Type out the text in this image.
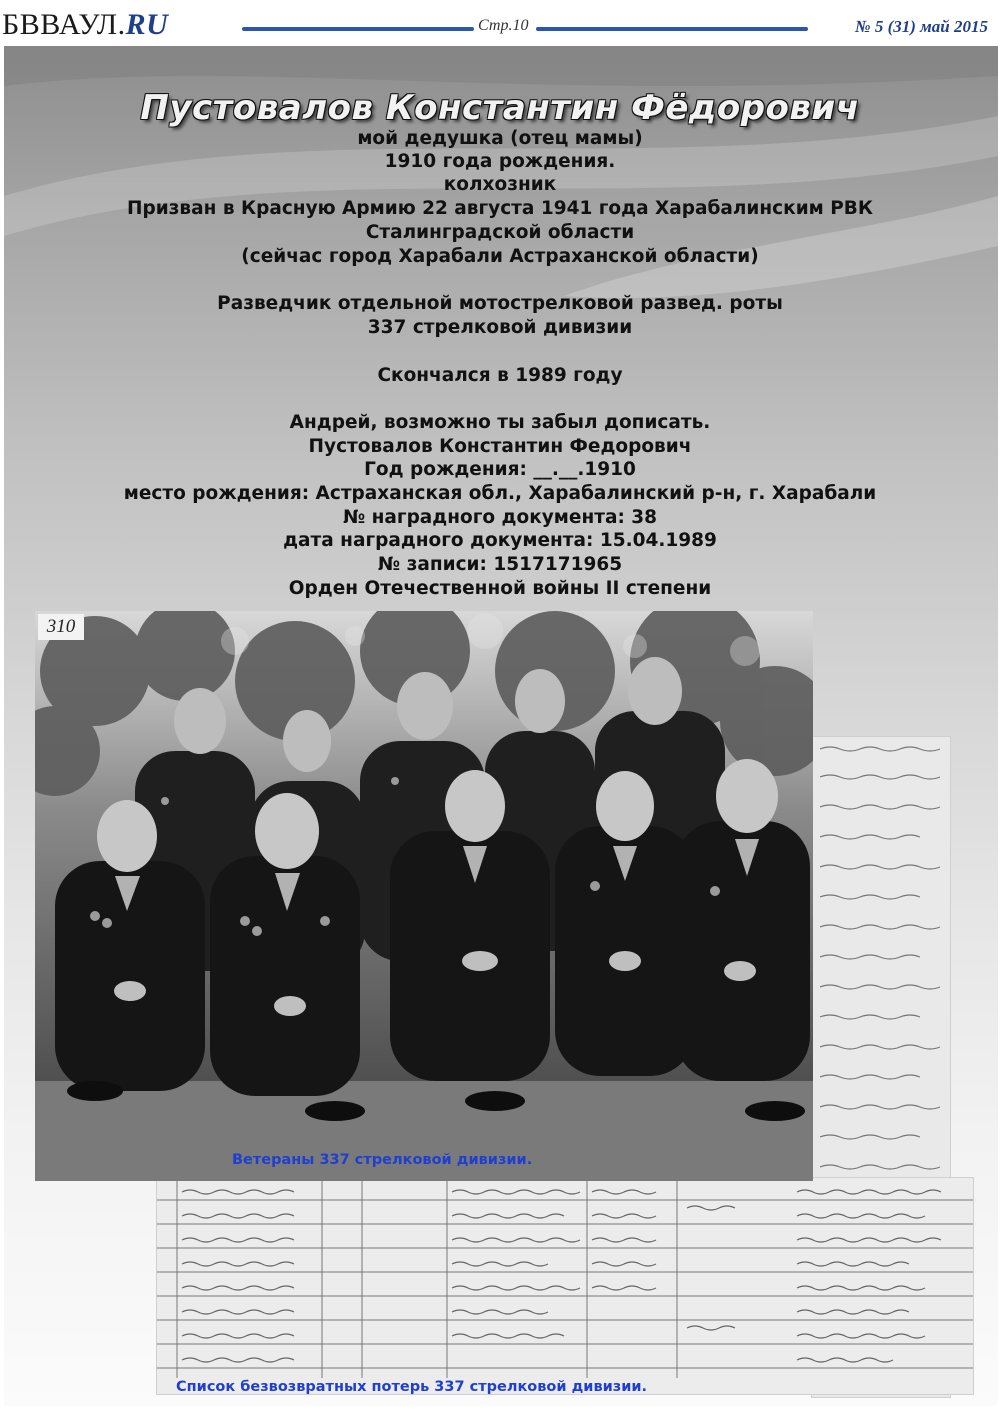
БВВАУЛ.RU	Стр.10	№ 5 (31) май 2015
Пустовалов Константин Фёдорович
мой дедушка (отец мамы)
1910 года рождения.
колхозник
Призван в Красную Армию 22 августа 1941 года Харабалинским РВК
Сталинградской области
(сейчас город Харабали Астраханской области)
Разведчик отдельной мотострелковой развед. роты
337 стрелковой дивизии
Скончался в 1989 году
Андрей, возможно ты забыл дописать.
Пустовалов Константин Федорович
Год рождения: __.__.1910
место рождения: Астраханская обл., Харабалинский р-н, г. Харабали
№ наградного документа: 38
дата наградного документа: 15.04.1989
№ записи: 1517171965
Орден Отечественной войны II степени
310
Ветераны 337 стрелковой дивизии.
Список безвозвратных потерь 337 стрелковой дивизии.
